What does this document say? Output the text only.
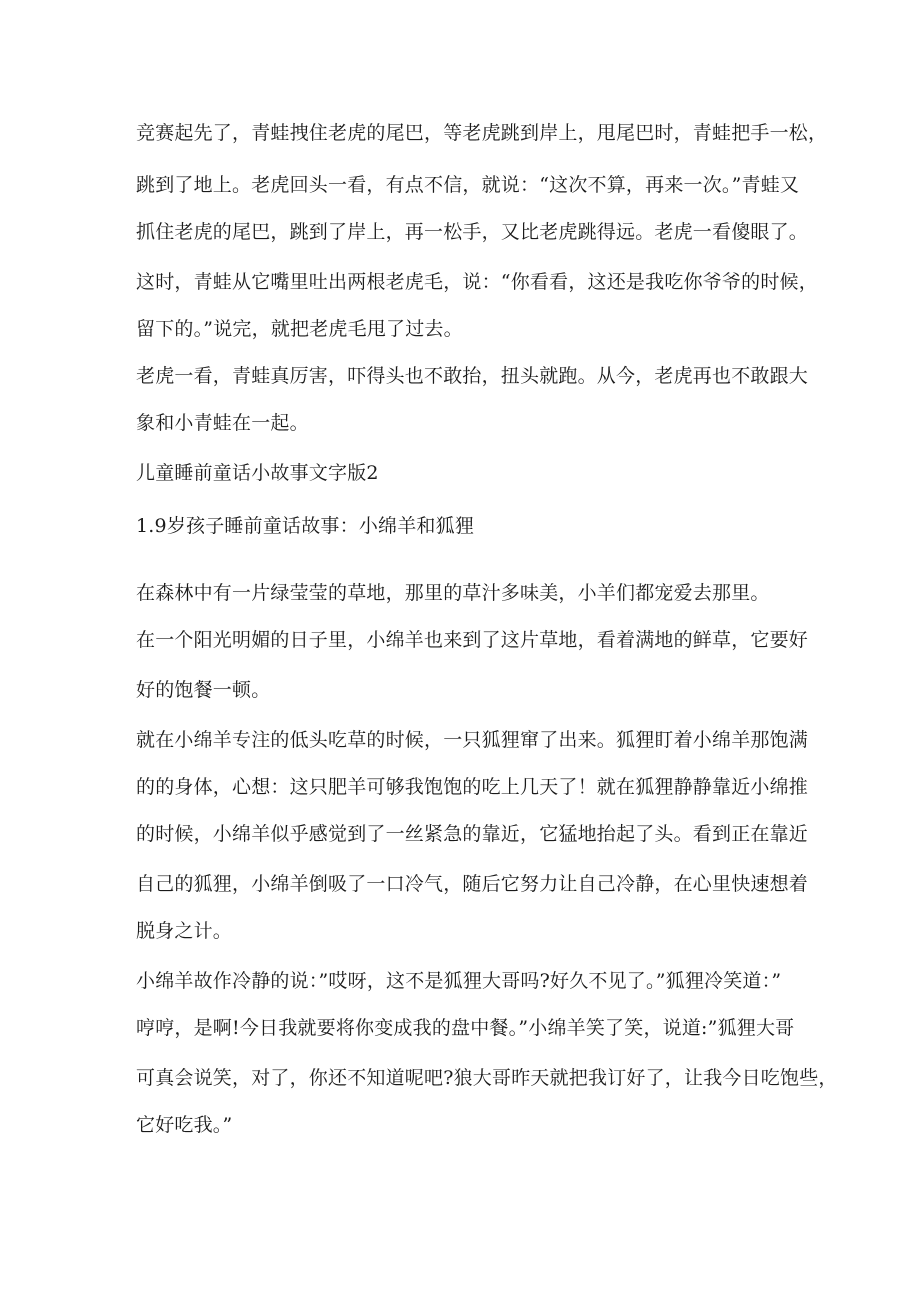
竞赛起先了，青蛙拽住老虎的尾巴，等老虎跳到岸上，甩尾巴时，青蛙把手一松，
跳到了地上。老虎回头一看，有点不信，就说：“这次不算，再来一次。”青蛙又
抓住老虎的尾巴，跳到了岸上，再一松手，又比老虎跳得远。老虎一看傻眼了。
这时，青蛙从它嘴里吐出两根老虎毛，说：“你看看，这还是我吃你爷爷的时候，
留下的。”说完，就把老虎毛甩了过去。
老虎一看，青蛙真厉害，吓得头也不敢抬，扭头就跑。从今，老虎再也不敢跟大
象和小青蛙在一起。
儿童睡前童话小故事文字版2
1.9岁孩子睡前童话故事：小绵羊和狐狸
在森林中有一片绿莹莹的草地，那里的草汁多味美，小羊们都宠爱去那里。
在一个阳光明媚的日子里，小绵羊也来到了这片草地，看着满地的鲜草，它要好
好的饱餐一顿。
就在小绵羊专注的低头吃草的时候，一只狐狸窜了出来。狐狸盯着小绵羊那饱满
的的身体，心想：这只肥羊可够我饱饱的吃上几天了！就在狐狸静静靠近小绵推
的时候，小绵羊似乎感觉到了一丝紧急的靠近，它猛地抬起了头。看到正在靠近
自己的狐狸，小绵羊倒吸了一口冷气，随后它努力让自己冷静，在心里快速想着
脱身之计。
小绵羊故作冷静的说：”哎呀，这不是狐狸大哥吗?好久不见了。”狐狸冷笑道：”
哼哼，是啊!今日我就要将你变成我的盘中餐。”小绵羊笑了笑，说道:”狐狸大哥
可真会说笑，对了，你还不知道呢吧?狼大哥昨天就把我订好了，让我今日吃饱些，
它好吃我。”
